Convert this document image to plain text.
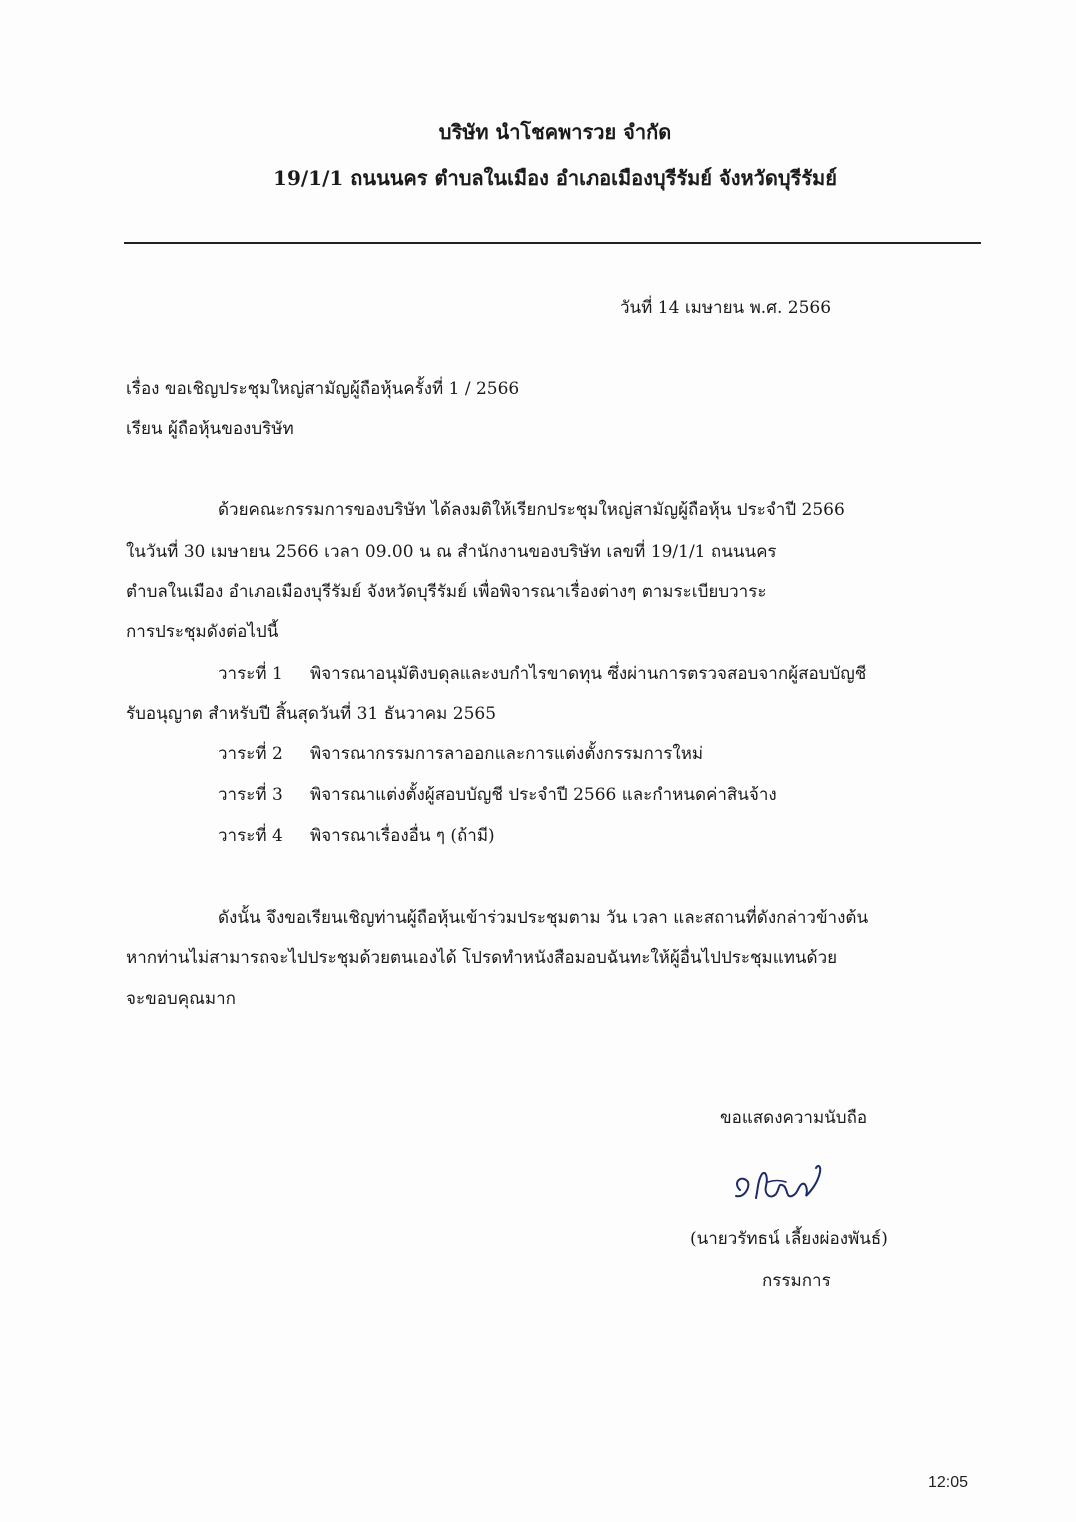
บริษัท นำโชคพารวย จำกัด
19/1/1 ถนนนคร ตำบลในเมือง อำเภอเมืองบุรีรัมย์ จังหวัดบุรีรัมย์
วันที่ 14 เมษายน พ.ศ. 2566
เรื่อง ขอเชิญประชุมใหญ่สามัญผู้ถือหุ้นครั้งที่ 1 / 2566
เรียน ผู้ถือหุ้นของบริษัท
ด้วยคณะกรรมการของบริษัท ได้ลงมติให้เรียกประชุมใหญ่สามัญผู้ถือหุ้น ประจำปี 2566
ในวันที่ 30 เมษายน 2566 เวลา 09.00 น ณ สำนักงานของบริษัท เลขที่ 19/1/1 ถนนนคร
ตำบลในเมือง อำเภอเมืองบุรีรัมย์ จังหวัดบุรีรัมย์ เพื่อพิจารณาเรื่องต่างๆ ตามระเบียบวาระ
การประชุมดังต่อไปนี้
วาระที่ 1 พิจารณาอนุมัติงบดุลและงบกำไรขาดทุน ซึ่งผ่านการตรวจสอบจากผู้สอบบัญชี
รับอนุญาต สำหรับปี สิ้นสุดวันที่ 31 ธันวาคม 2565
วาระที่ 2 พิจารณากรรมการลาออกและการแต่งตั้งกรรมการใหม่
วาระที่ 3 พิจารณาแต่งตั้งผู้สอบบัญชี ประจำปี 2566 และกำหนดค่าสินจ้าง
วาระที่ 4 พิจารณาเรื่องอื่น ๆ (ถ้ามี)
ดังนั้น จึงขอเรียนเชิญท่านผู้ถือหุ้นเข้าร่วมประชุมตาม วัน เวลา และสถานที่ดังกล่าวข้างต้น
หากท่านไม่สามารถจะไปประชุมด้วยตนเองได้ โปรดทำหนังสือมอบฉันทะให้ผู้อื่นไปประชุมแทนด้วย
จะขอบคุณมาก
ขอแสดงความนับถือ
(นายวรัทธน์ เลี้ยงผ่องพันธ์)
กรรมการ
12:05
